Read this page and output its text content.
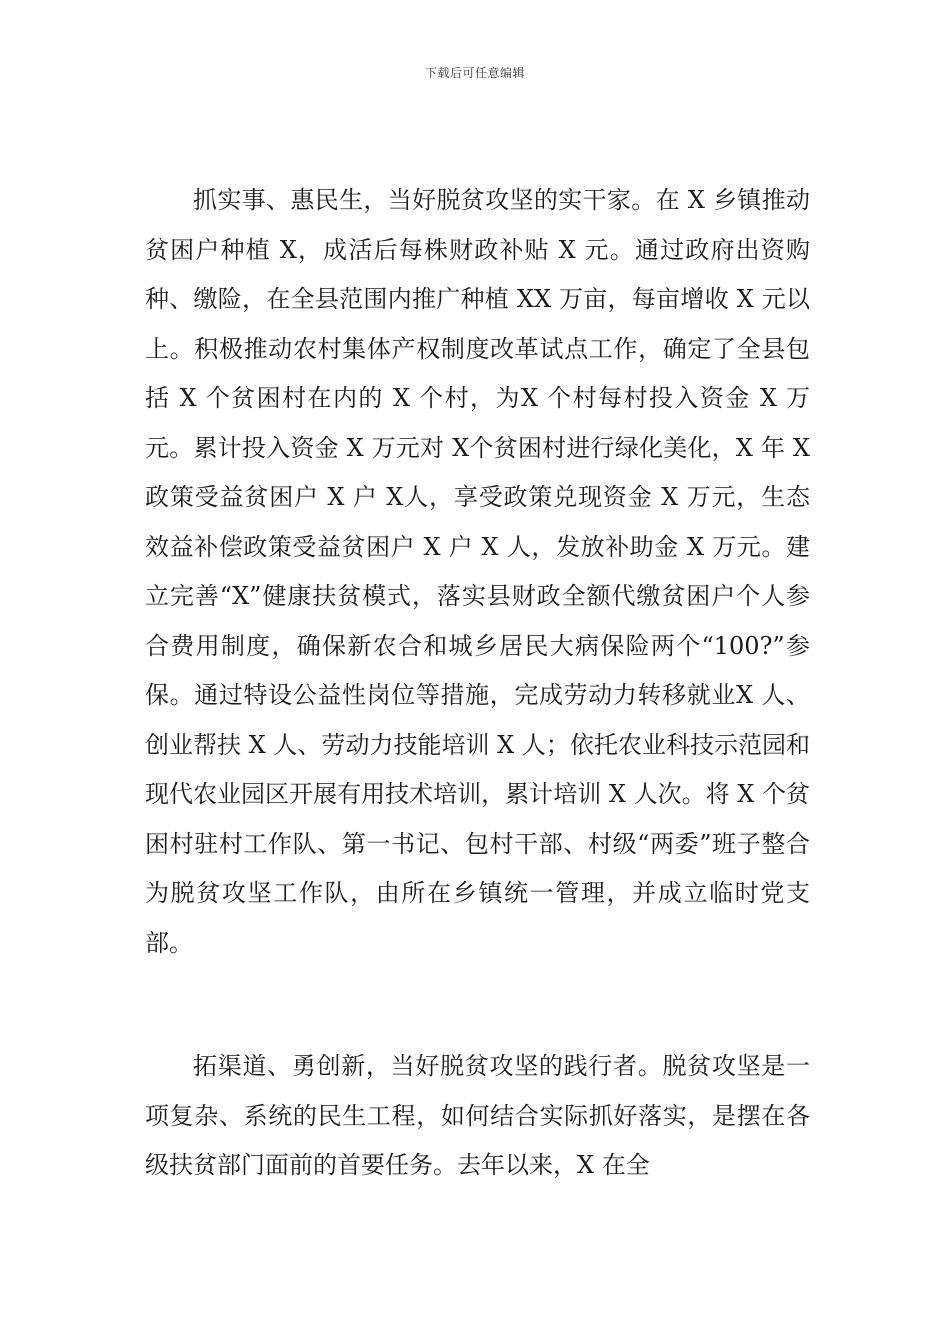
下载后可任意编辑

抓实事、惠民生，当好脱贫攻坚的实干家。在 X 乡镇推动贫困户种植 X，成活后每株财政补贴 X 元。通过政府出资购种、缴险，在全县范围内推广种植 XX 万亩，每亩增收 X 元以上。积极推动农村集体产权制度改革试点工作，确定了全县包括 X 个贫困村在内的 X 个村，为X 个村每村投入资金 X 万元。累计投入资金 X 万元对 X个贫困村进行绿化美化，X 年 X 政策受益贫困户 X 户 X人，享受政策兑现资金 X 万元，生态效益补偿政策受益贫困户 X 户 X 人，发放补助金 X 万元。建立完善“X”健康扶贫模式，落实县财政全额代缴贫困户个人参合费用制度，确保新农合和城乡居民大病保险两个“100?”参保。通过特设公益性岗位等措施，完成劳动力转移就业X 人、创业帮扶 X 人、劳动力技能培训 X 人；依托农业科技示范园和现代农业园区开展有用技术培训，累计培训 X 人次。将 X 个贫困村驻村工作队、第一书记、包村干部、村级“两委”班子整合为脱贫攻坚工作队，由所在乡镇统一管理，并成立临时党支部。

拓渠道、勇创新，当好脱贫攻坚的践行者。脱贫攻坚是一项复杂、系统的民生工程，如何结合实际抓好落实，是摆在各级扶贫部门面前的首要任务。去年以来，X 在全
